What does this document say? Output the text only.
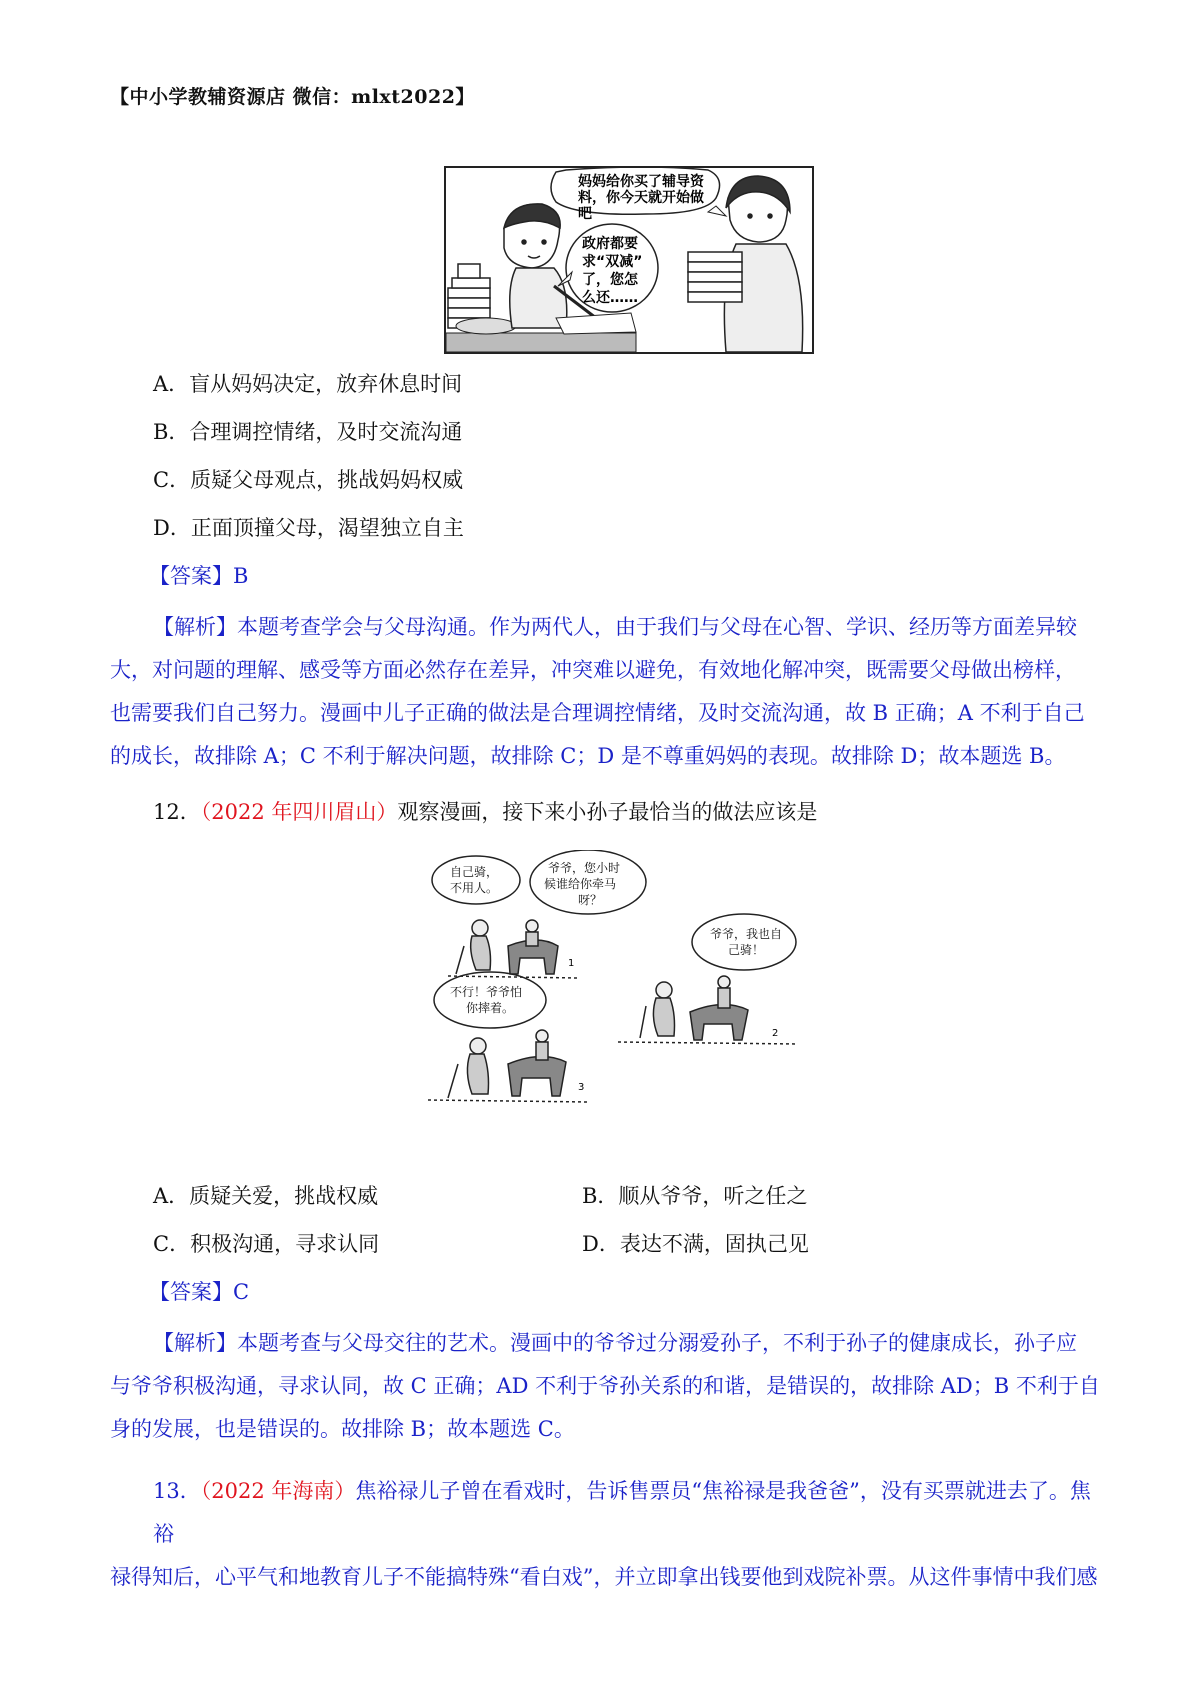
【中小学教辅资源店 微信：mlxt2022】
妈妈给你买了辅导资
料，你今天就开始做
吧
政府都要
求“双减”
了，您怎
么还……
A．盲从妈妈决定，放弃休息时间
B．合理调控情绪，及时交流沟通
C．质疑父母观点，挑战妈妈权威
D．正面顶撞父母，渴望独立自主
【答案】B
【解析】本题考查学会与父母沟通。作为两代人，由于我们与父母在心智、学识、经历等方面差异较
大，对问题的理解、感受等方面必然存在差异，冲突难以避免，有效地化解冲突，既需要父母做出榜样，
也需要我们自己努力。漫画中儿子正确的做法是合理调控情绪，及时交流沟通，故 B 正确；A 不利于自己
的成长，故排除 A；C 不利于解决问题，故排除 C；D 是不尊重妈妈的表现。故排除 D；故本题选 B。
12．（2022 年四川眉山）观察漫画，接下来小孙子最恰当的做法应该是
自己骑，
不用人。
爷爷，您小时
候谁给你牵马
呀？
爷爷，我也自
己骑！
不行！爷爷怕
你摔着。
1
2
3
A．质疑关爱，挑战权威	B．顺从爷爷，听之任之
C．积极沟通，寻求认同	D．表达不满，固执己见
【答案】C
【解析】本题考查与父母交往的艺术。漫画中的爷爷过分溺爱孙子，不利于孙子的健康成长，孙子应
与爷爷积极沟通，寻求认同，故 C 正确；AD 不利于爷孙关系的和谐，是错误的，故排除 AD；B 不利于自
身的发展，也是错误的。故排除 B；故本题选 C。
13．（2022 年海南）焦裕禄儿子曾在看戏时，告诉售票员“焦裕禄是我爸爸”，没有买票就进去了。焦裕
禄得知后，心平气和地教育儿子不能搞特殊“看白戏”，并立即拿出钱要他到戏院补票。从这件事情中我们感
